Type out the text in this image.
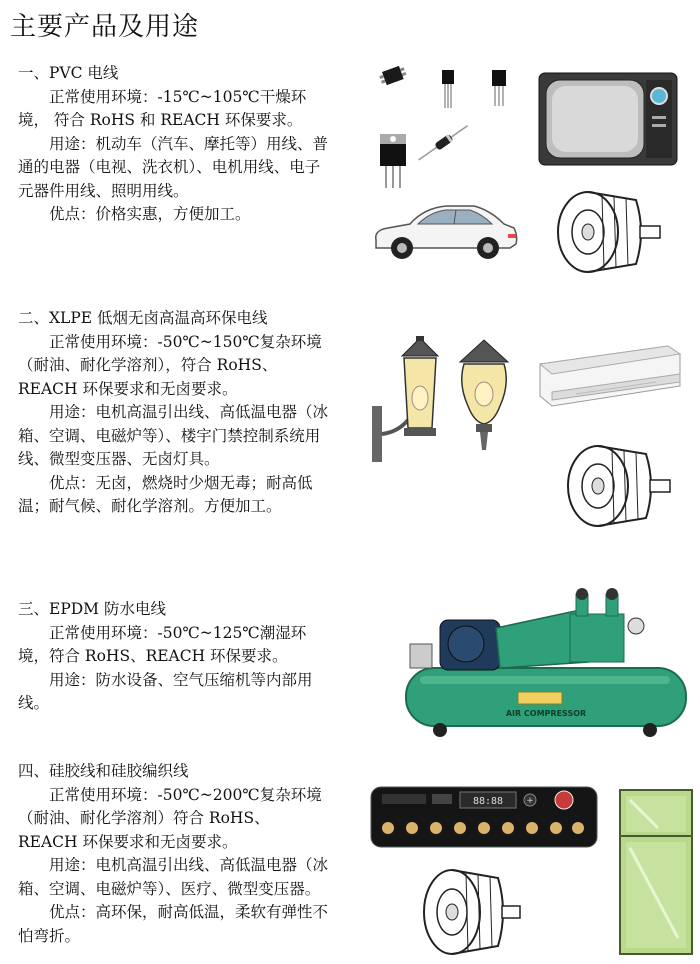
主要产品及用途

一、PVC 电线

正常使用环境：-15℃~105℃干燥环境， 符合 RoHS 和 REACH 环保要求。

用途：机动车（汽车、摩托等）用线、普通的电器（电视、洗衣机）、电机用线、电子元器件用线、照明用线。

优点：价格实惠，方便加工。

二、XLPE 低烟无卤高温高环保电线

正常使用环境：-50℃~150℃复杂环境（耐油、耐化学溶剂），符合 RoHS、REACH 环保要求和无卤要求。

用途：电机高温引出线、高低温电器（冰箱、空调、电磁炉等）、楼宇门禁控制系统用线、微型变压器、无卤灯具。

优点：无卤，燃烧时少烟无毒；耐高低温；耐气候、耐化学溶剂。方便加工。

三、EPDM 防水电线

正常使用环境：-50℃~125℃潮湿环境，符合 RoHS、REACH 环保要求。

用途：防水设备、空气压缩机等内部用线。

四、硅胶线和硅胶编织线

正常使用环境：-50℃~200℃复杂环境（耐油、耐化学溶剂）符合 RoHS、REACH 环保要求和无卤要求。

用途：电机高温引出线、高低温电器（冰箱、空调、电磁炉等）、医疗、微型变压器。

优点：高环保，耐高低温，柔软有弹性不怕弯折。

AIR COMPRESSOR
88:88	+
